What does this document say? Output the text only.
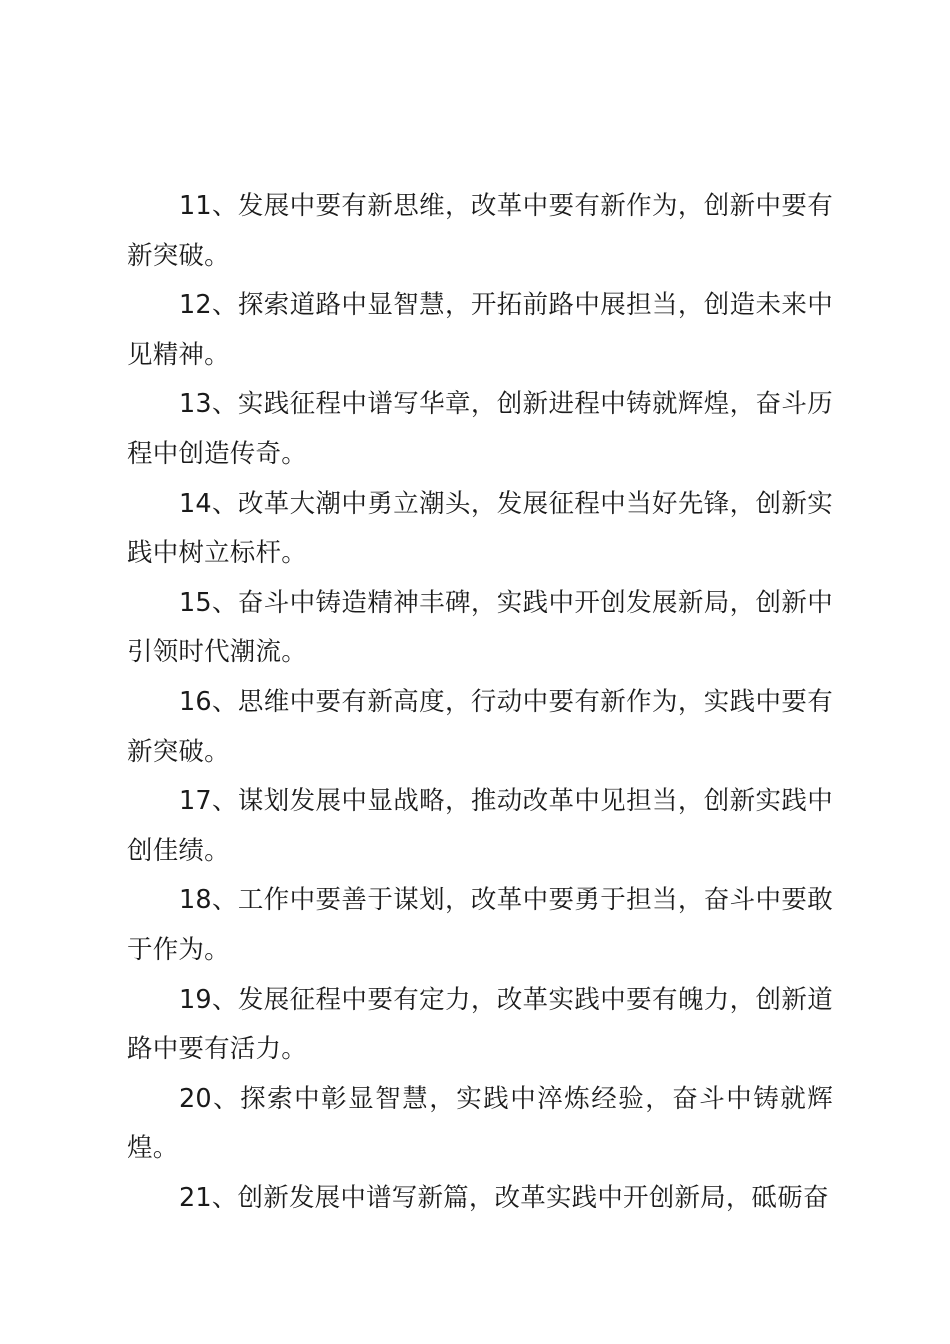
11、发展中要有新思维，改革中要有新作为，创新中要有新突破。

12、探索道路中显智慧，开拓前路中展担当，创造未来中见精神。

13、实践征程中谱写华章，创新进程中铸就辉煌，奋斗历程中创造传奇。

14、改革大潮中勇立潮头，发展征程中当好先锋，创新实践中树立标杆。

15、奋斗中铸造精神丰碑，实践中开创发展新局，创新中引领时代潮流。

16、思维中要有新高度，行动中要有新作为，实践中要有新突破。

17、谋划发展中显战略，推动改革中见担当，创新实践中创佳绩。

18、工作中要善于谋划，改革中要勇于担当，奋斗中要敢于作为。

19、发展征程中要有定力，改革实践中要有魄力，创新道路中要有活力。

20、探索中彰显智慧，实践中淬炼经验，奋斗中铸就辉煌。

21、创新发展中谱写新篇，改革实践中开创新局，砥砺奋
